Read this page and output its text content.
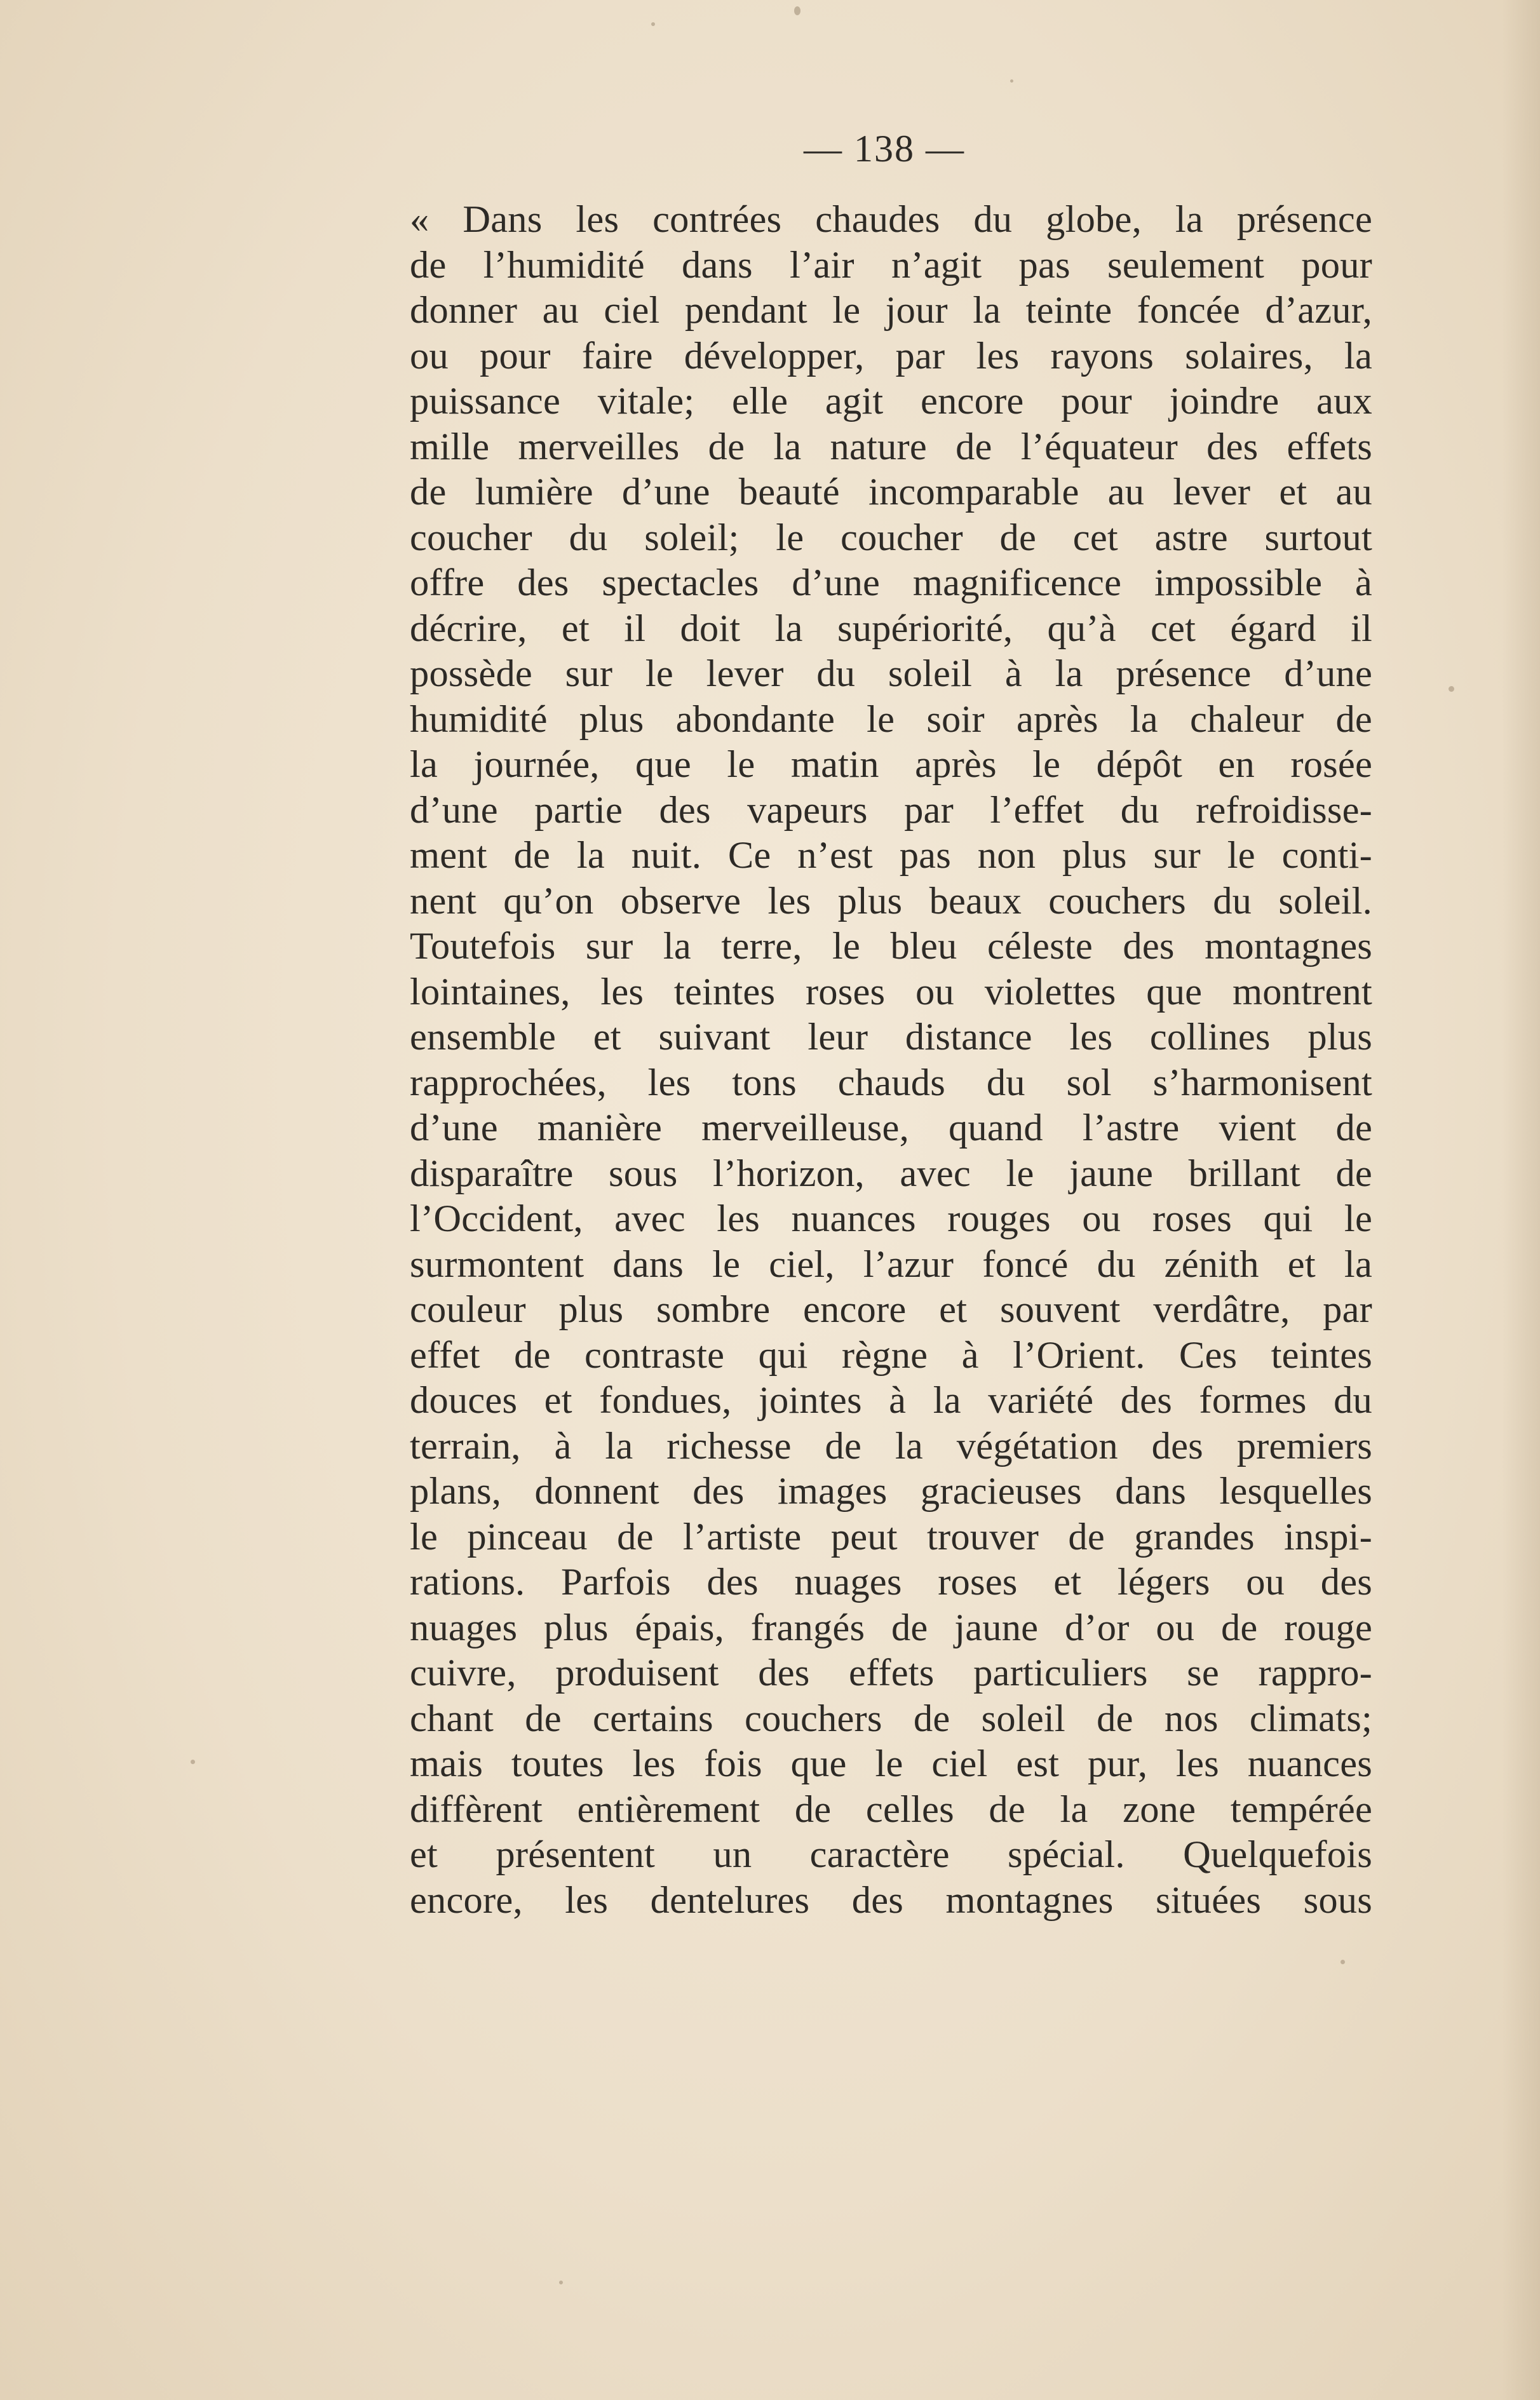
— 138 —
« Dans les contrées chaudes du globe, la présence
de l’humidité dans l’air n’agit pas seulement pour
donner au ciel pendant le jour la teinte foncée d’azur,
ou pour faire développer, par les rayons solaires, la
puissance vitale; elle agit encore pour joindre aux
mille merveilles de la nature de l’équateur des effets
de lumière d’une beauté incomparable au lever et au
coucher du soleil; le coucher de cet astre surtout
offre des spectacles d’une magnificence impossible à
décrire, et il doit la supériorité, qu’à cet égard il
possède sur le lever du soleil à la présence d’une
humidité plus abondante le soir après la chaleur de
la journée, que le matin après le dépôt en rosée
d’une partie des vapeurs par l’effet du refroidisse-
ment de la nuit. Ce n’est pas non plus sur le conti-
nent qu’on observe les plus beaux couchers du soleil.
Toutefois sur la terre, le bleu céleste des montagnes
lointaines, les teintes roses ou violettes que montrent
ensemble et suivant leur distance les collines plus
rapprochées, les tons chauds du sol s’harmonisent
d’une manière merveilleuse, quand l’astre vient de
disparaître sous l’horizon, avec le jaune brillant de
l’Occident, avec les nuances rouges ou roses qui le
surmontent dans le ciel, l’azur foncé du zénith et la
couleur plus sombre encore et souvent verdâtre, par
effet de contraste qui règne à l’Orient. Ces teintes
douces et fondues, jointes à la variété des formes du
terrain, à la richesse de la végétation des premiers
plans, donnent des images gracieuses dans lesquelles
le pinceau de l’artiste peut trouver de grandes inspi-
rations. Parfois des nuages roses et légers ou des
nuages plus épais, frangés de jaune d’or ou de rouge
cuivre, produisent des effets particuliers se rappro-
chant de certains couchers de soleil de nos climats;
mais toutes les fois que le ciel est pur, les nuances
diffèrent entièrement de celles de la zone tempérée
et présentent un caractère spécial. Quelquefois
encore, les dentelures des montagnes situées sous
